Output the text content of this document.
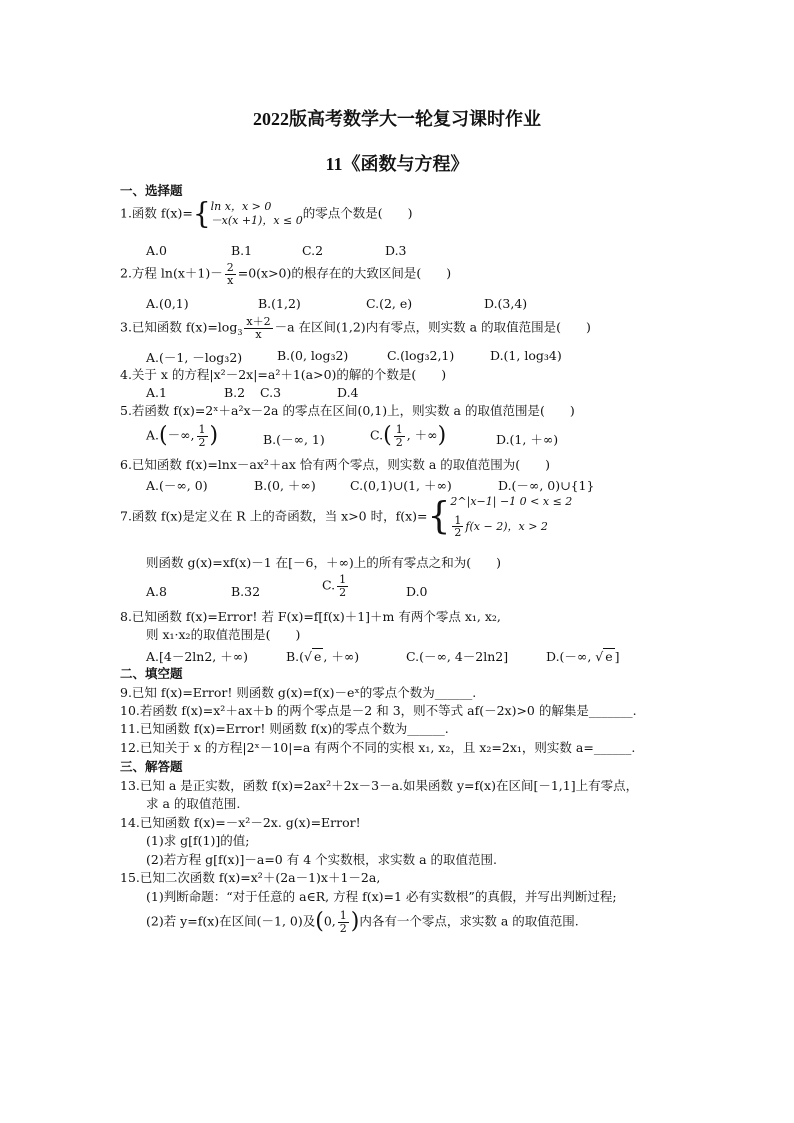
2022版高考数学大一轮复习课时作业
11《函数与方程》
一、选择题
1.函数 f(x)={ ln x，x > 0
－x(x +1)，x ≤ 0 的零点个数是(　　)
A.0	B.1	C.2	D.3
2.方程 $\ln(x+1)- \frac{2}{x} =0(x>0)$的根存在的大致区间是(　　)
A.(0,1)	B.(1,2)	C.(2, e)	D.(3,4)
3.已知函数 $f(x)=\log_3 \frac{x+2}{x} -a$ 在区间(1,2)内有零点，则实数 a 的取值范围是(　　)
A.(－1, －log₃2)	B.(0, log₃2)	C.(log₃2,1)	D.(1, log₃4)
4.关于 x 的方程|x²－2x|=a²＋1(a>0)的解的个数是(　　)
A.1	B.2 C.3	D.4
5.若函数 f(x)=2ˣ＋a²x－2a 的零点在区间(0,1)上，则实数 a 的取值范围是(　　)
A.(－∞, $\frac{1}{2}$ )	B.(－∞, 1)	$C.( \frac{1}{2}$ , ＋∞)	D.(1, ＋∞)
6.已知函数 f(x)=lnx－ax²＋ax 恰有两个零点，则实数 a 的取值范围为(　　)
A.(－∞, 0)	B.(0, ＋∞)	C.(0,1)∪(1, ＋∞)	D.(－∞, 0)∪{1}
7.函数 f(x)是定义在 R 上的奇函数，当 x>0 时，f(x)={ 2^|x−1| −1 0 < x ≤ 2
$\frac{1}{2} f(x - 2)$，x > 2
则函数 g(x)=xf(x)－1 在[－6，＋∞)上的所有零点之和为(　　)
A.8	B.32	C. $\frac{1}{2}$	D.0
8.已知函数 f(x)=Error! 若 F(x)=f[f(x)＋1]＋m 有两个零点 x₁, x₂,
则 x₁·x₂的取值范围是(　　)
A.[4－2ln2, ＋∞)	B.(√ e , ＋∞)	C.(－∞, 4－2ln2]	D.(－∞, √ e ]
二、填空题
9.已知 f(x)=Error! 则函数 g(x)=f(x)－eˣ的零点个数为______.
10.若函数 f(x)=x²＋ax＋b 的两个零点是－2 和 3，则不等式 af(－2x)>0 的解集是_______.
11.已知函数 f(x)=Error! 则函数 f(x)的零点个数为______.
12.已知关于 x 的方程|2ˣ－10|=a 有两个不同的实根 x₁, x₂，且 x₂=2x₁，则实数 a=______.
三、解答题
13.已知 a 是正实数，函数 f(x)=2ax²＋2x－3－a.如果函数 y=f(x)在区间[－1,1]上有零点，
求 a 的取值范围.
14.已知函数 f(x)=－x²－2x. g(x)=Error!
(1)求 g[f(1)]的值;
(2)若方程 g[f(x)]－a=0 有 4 个实数根，求实数 a 的取值范围.
15.已知二次函数 f(x)=x²＋(2a－1)x＋1－2a,
(1)判断命题：“对于任意的 a∈R, 方程 f(x)=1 必有实数根”的真假，并写出判断过程;
(2)若 y=f(x)在区间(－1, 0)及(0, $\frac{1}{2}$ )内各有一个零点，求实数 a 的取值范围.
